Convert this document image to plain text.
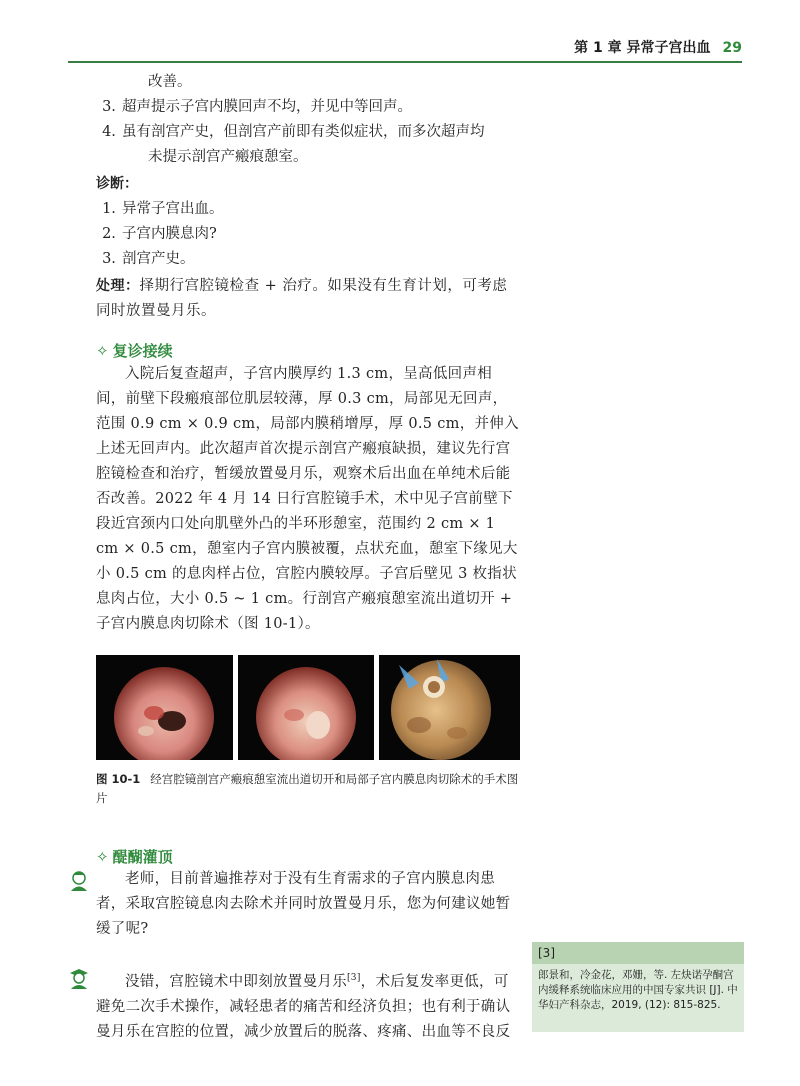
第 1 章 异常子宫出血 29

改善。

3. 超声提示子宫内膜回声不均，并见中等回声。

4. 虽有剖宫产史，但剖宫产前即有类似症状，而多次超声均

未提示剖宫产瘢痕憩室。

诊断：

1. 异常子宫出血。

2. 子宫内膜息肉?

3. 剖宫产史。

处理：择期行宫腔镜检查 + 治疗。如果没有生育计划，可考虑同时放置曼月乐。

✧ 复诊接续

入院后复查超声，子宫内膜厚约 1.3 cm，呈高低回声相间，前壁下段瘢痕部位肌层较薄，厚 0.3 cm，局部见无回声，范围 0.9 cm × 0.9 cm，局部内膜稍增厚，厚 0.5 cm，并伸入上述无回声内。此次超声首次提示剖宫产瘢痕缺损，建议先行宫腔镜检查和治疗，暂缓放置曼月乐，观察术后出血在单纯术后能否改善。2022 年 4 月 14 日行宫腔镜手术，术中见子宫前壁下段近宫颈内口处向肌壁外凸的半环形憩室，范围约 2 cm × 1 cm × 0.5 cm，憩室内子宫内膜被覆，点状充血，憩室下缘见大小 0.5 cm 的息肉样占位，宫腔内膜较厚。子宫后壁见 3 枚指状息肉占位，大小 0.5 ~ 1 cm。行剖宫产瘢痕憩室流出道切开 + 子宫内膜息肉切除术（图 10-1）。

图 10-1 经宫腔镜剖宫产瘢痕憩室流出道切开和局部子宫内膜息肉切除术的手术图片
✧ 醍醐灌顶

老师，目前普遍推荐对于没有生育需求的子宫内膜息肉患者，采取宫腔镜息肉去除术并同时放置曼月乐，您为何建议她暂缓了呢?

没错，宫腔镜术中即刻放置曼月乐[3]，术后复发率更低，可避免二次手术操作，减轻患者的痛苦和经济负担；也有利于确认曼月乐在宫腔的位置，减少放置后的脱落、疼痛、出血等不良反

[3]
郎景和，冷金花，邓姗，等. 左炔诺孕酮宫内缓释系统临床应用的中国专家共识 [J]. 中华妇产科杂志，2019, (12): 815-825.
